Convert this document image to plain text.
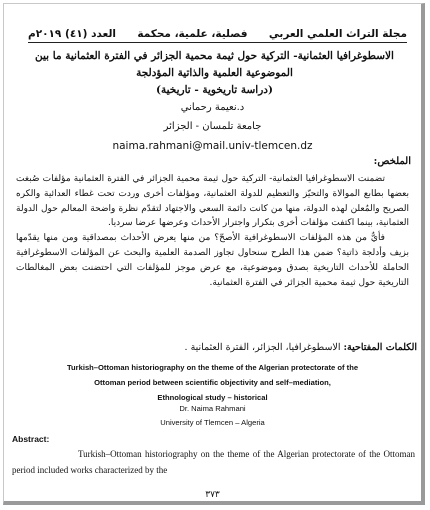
مجلة التراث العلمي العربي
فصلية، علمية، محكمة
العدد (٤١) ٢٠١٩م
الاسطوغرافيا العثمانية- التركية حول ثيمة محمية الجزائر في الفترة العثمانية ما بين
الموضوعية العلمية والذاتية المؤدلجة
(دراسة تاريخوية - تاريخية)
د.نعيمة رحماني
جامعة تلمسان - الجزائر
naima.rahmani@mail.univ-tlemcen.dz
الملخص:

تضمنت الاسطوغرافيا العثمانية- التركية حول ثيمة محمية الجزائر في الفترة العثمانية مؤلفات صُبغت بعضها بطابع الموالاة والتحيّز والتعظيم للدولة العثمانية، ومؤلفات أخرى وردت تحت غطاء العدائية والكره الصريح والمُعلن لهذه الدولة، منها من كانت دائمة السعي والاجتهاد لتقدّم نظرة واضحة المعالم حول الدولة العثمانية، بينما اكتفت مؤلفات أخرى بتكرار واجترار الأحداث وعرضها عرضا سرديا.

فأيٌّ من هذه المؤلفات الاسطوغرافية الأصحّ؟ من منها يعرض الأحداث بمصداقية ومن منها يقدّمها بزيف وأدلجة ذاتية؟ ضمن هذا الطرح سنحاول تجاوز الصدمة العلمية والبحث عن المؤلفات الاسطوغرافية الحاملة للأحداث التاريخية بصدق وموضوعية، مع عرض موجز للمؤلفات التي احتضنت بعض المغالطات التاريخية حول ثيمة محمية الجزائر في الفترة العثمانية.

الكلمات المفتاحية: الاسطوغرافيا، الجزائر، الفترة العثمانية .
Turkish–Ottoman historiography on the theme of the Algerian protectorate of the
Ottoman period between scientific objectivity and self–mediation,
Ethnological study – historical
Dr. Naima Rahmani
University of Tlemcen – Algeria
Abstract:
Turkish–Ottoman historiography on the theme of the Algerian protectorate of the Ottoman period included works characterized by the
٣٧٣
